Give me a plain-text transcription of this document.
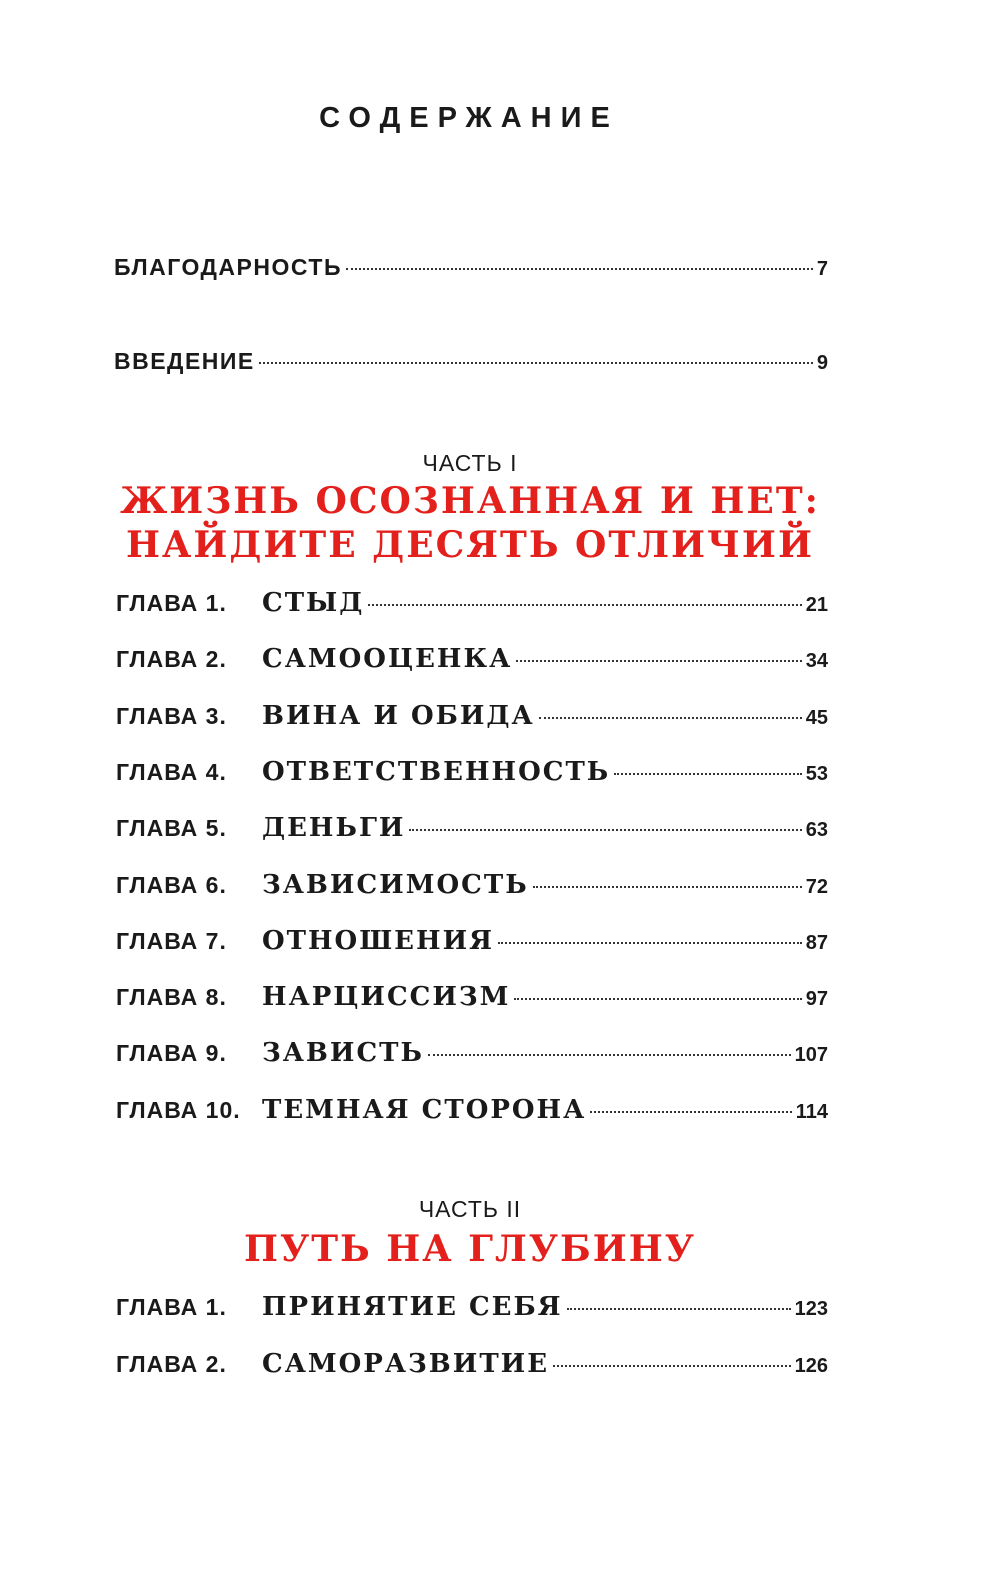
СОДЕРЖАНИЕ
БЛАГОДАРНОСТЬ	7
ВВЕДЕНИЕ	9
ЧАСТЬ I
ЖИЗНЬ ОСОЗНАННАЯ И НЕТ:
НАЙДИТЕ ДЕСЯТЬ ОТЛИЧИЙ
ГЛАВА 1.	СТЫД	21
ГЛАВА 2.	САМООЦЕНКА	34
ГЛАВА 3.	ВИНА И ОБИДА	45
ГЛАВА 4.	ОТВЕТСТВЕННОСТЬ	53
ГЛАВА 5.	ДЕНЬГИ	63
ГЛАВА 6.	ЗАВИСИМОСТЬ	72
ГЛАВА 7.	ОТНОШЕНИЯ	87
ГЛАВА 8.	НАРЦИССИЗМ	97
ГЛАВА 9.	ЗАВИСТЬ	107
ГЛАВА 10. ТЕМНАЯ СТОРОНА	114
ЧАСТЬ II
ПУТЬ НА ГЛУБИНУ
ГЛАВА 1.	ПРИНЯТИЕ СЕБЯ	123
ГЛАВА 2.	САМОРАЗВИТИЕ	126
